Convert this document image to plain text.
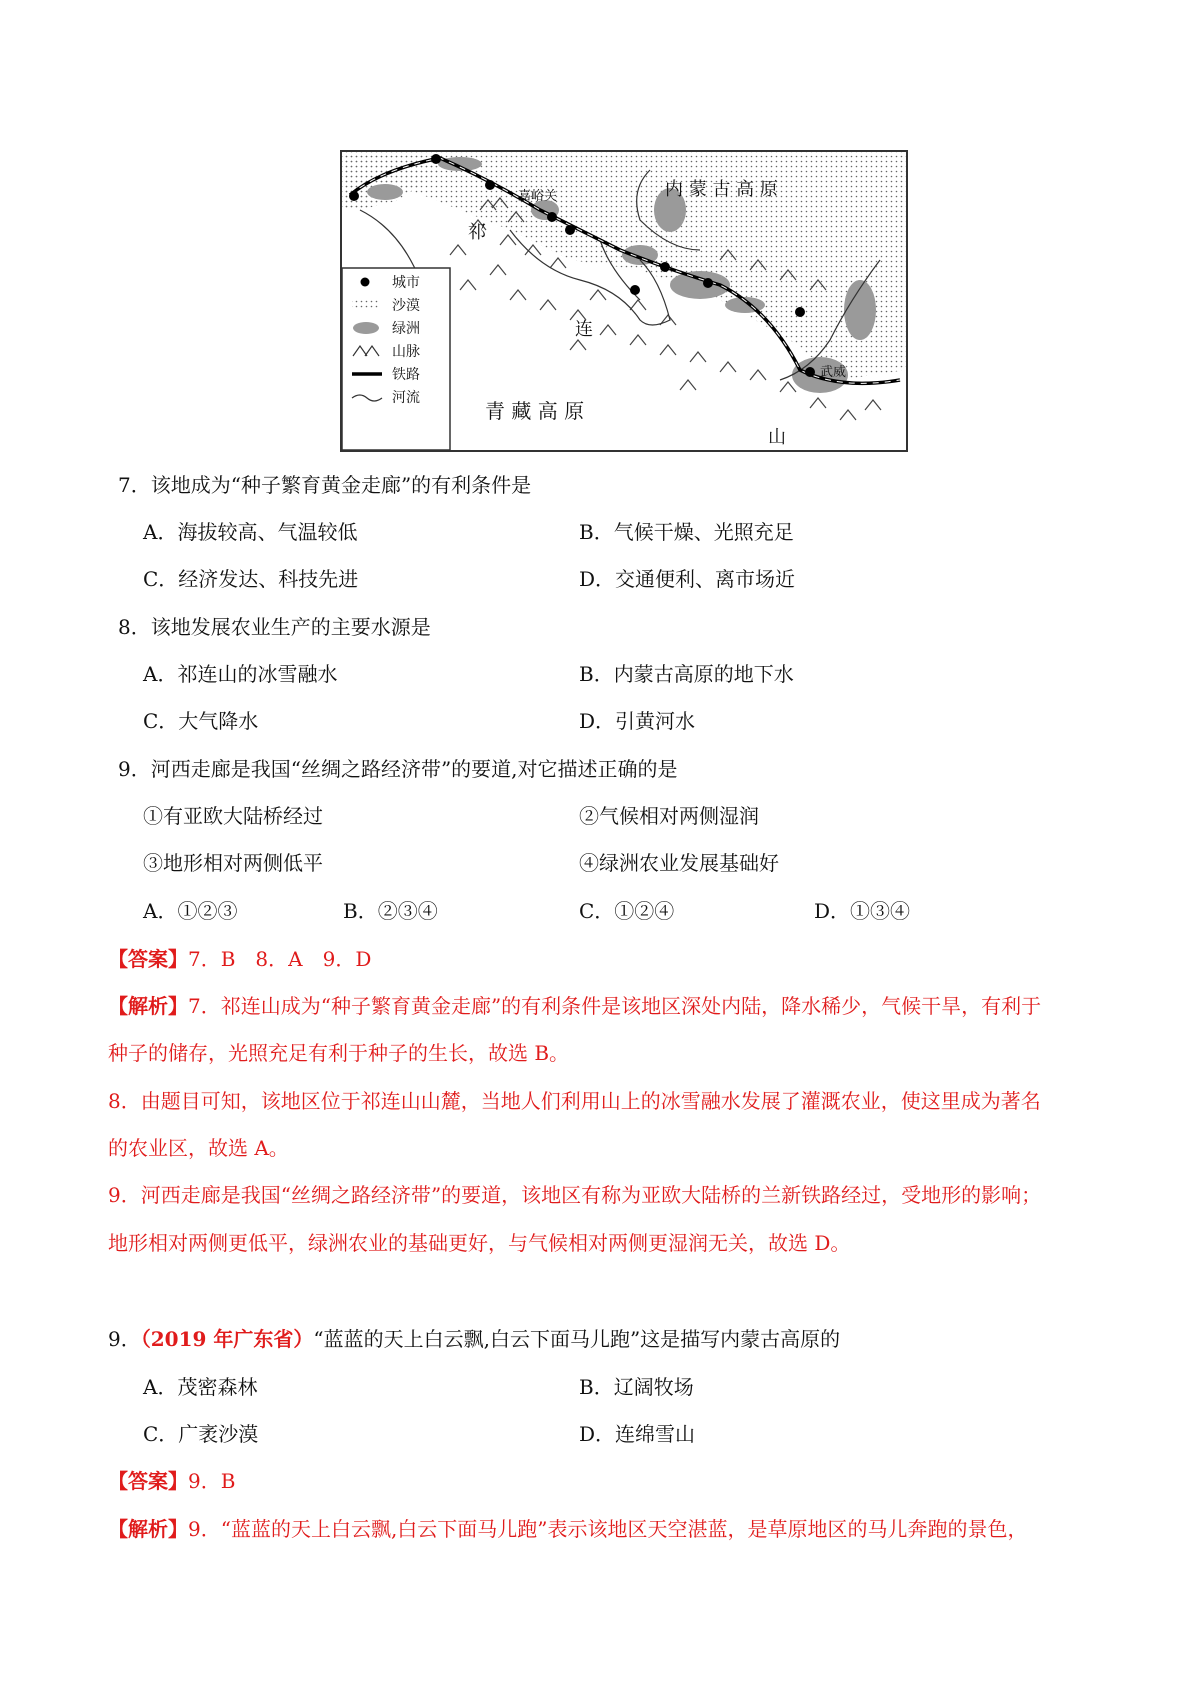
嘉峪关	内 蒙 古 高 原
祁
连
山
青 藏 高 原
武威
城市
沙漠
绿洲
山脉
铁路
河流
7．该地成为“种子繁育黄金走廊”的有利条件是
A．海拔较高、气温较低	B．气候干燥、光照充足
C．经济发达、科技先进	D．交通便利、离市场近
8．该地发展农业生产的主要水源是
A．祁连山的冰雪融水	B．内蒙古高原的地下水
C．大气降水	D．引黄河水
9．河西走廊是我国“丝绸之路经济带”的要道,对它描述正确的是
①有亚欧大陆桥经过	②气候相对两侧湿润
③地形相对两侧低平	④绿洲农业发展基础好
A．①②③	B．②③④	C．①②④	D．①③④
【答案】7．B　8．A　9．D
【解析】7．祁连山成为“种子繁育黄金走廊”的有利条件是该地区深处内陆，降水稀少，气候干旱，有利于
种子的储存，光照充足有利于种子的生长，故选 B。
8．由题目可知，该地区位于祁连山山麓，当地人们利用山上的冰雪融水发展了灌溉农业，使这里成为著名
的农业区，故选 A。
9．河西走廊是我国“丝绸之路经济带”的要道，该地区有称为亚欧大陆桥的兰新铁路经过，受地形的影响；
地形相对两侧更低平，绿洲农业的基础更好，与气候相对两侧更湿润无关，故选 D。
9．（2019 年广东省）“蓝蓝的天上白云飘,白云下面马儿跑”这是描写内蒙古高原的
A．茂密森林	B．辽阔牧场
C．广袤沙漠	D．连绵雪山
【答案】9．B
【解析】9．“蓝蓝的天上白云飘,白云下面马儿跑”表示该地区天空湛蓝，是草原地区的马儿奔跑的景色，
